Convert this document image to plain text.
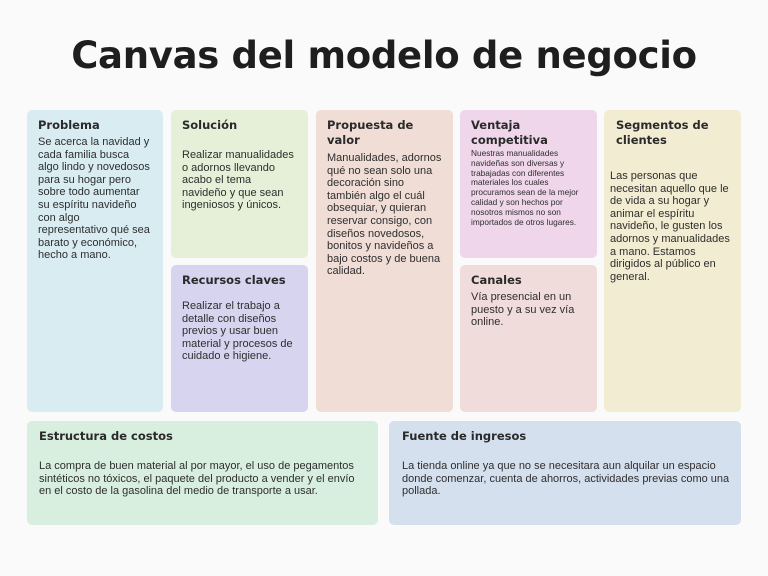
Canvas del modelo de negocio
Problema

Se acerca la navidad y cada familia busca algo lindo y novedosos para su hogar pero sobre todo aumentar su espíritu navideño con algo representativo qué sea barato y económico, hecho a mano.

Solución

Realizar manualidades o adornos llevando acabo el tema navideño y que sean ingeniosos y únicos.

Recursos claves

Realizar el trabajo a detalle con diseños previos y usar buen material y procesos de cuidado e higiene.

Propuesta de valor

Manualidades, adornos qué no sean solo una decoración sino también algo el cuál obsequiar, y quieran reservar consigo, con diseños novedosos, bonitos y navideños a bajo costos y de buena calidad.

Ventaja competitiva

Nuestras manualidades navideñas son diversas y trabajadas con diferentes materiales los cuales procuramos sean de la mejor calidad y son hechos por nosotros mismos no son importados de otros lugares.

Canales

Vía presencial en un puesto y a su vez vía online.

Segmentos de clientes

Las personas que necesitan aquello que le de vida a su hogar y animar el espíritu navideño, le gusten los adornos y manualidades a mano. Estamos dirigidos al público en general.

Estructura de costos

La compra de buen material al por mayor, el uso de pegamentos sintéticos no tóxicos, el paquete del producto a vender y el envío en el costo de la gasolina del medio de transporte a usar.

Fuente de ingresos

La tienda online ya que no se necesitara aun alquilar un espacio donde comenzar, cuenta de ahorros, actividades previas como una pollada.
